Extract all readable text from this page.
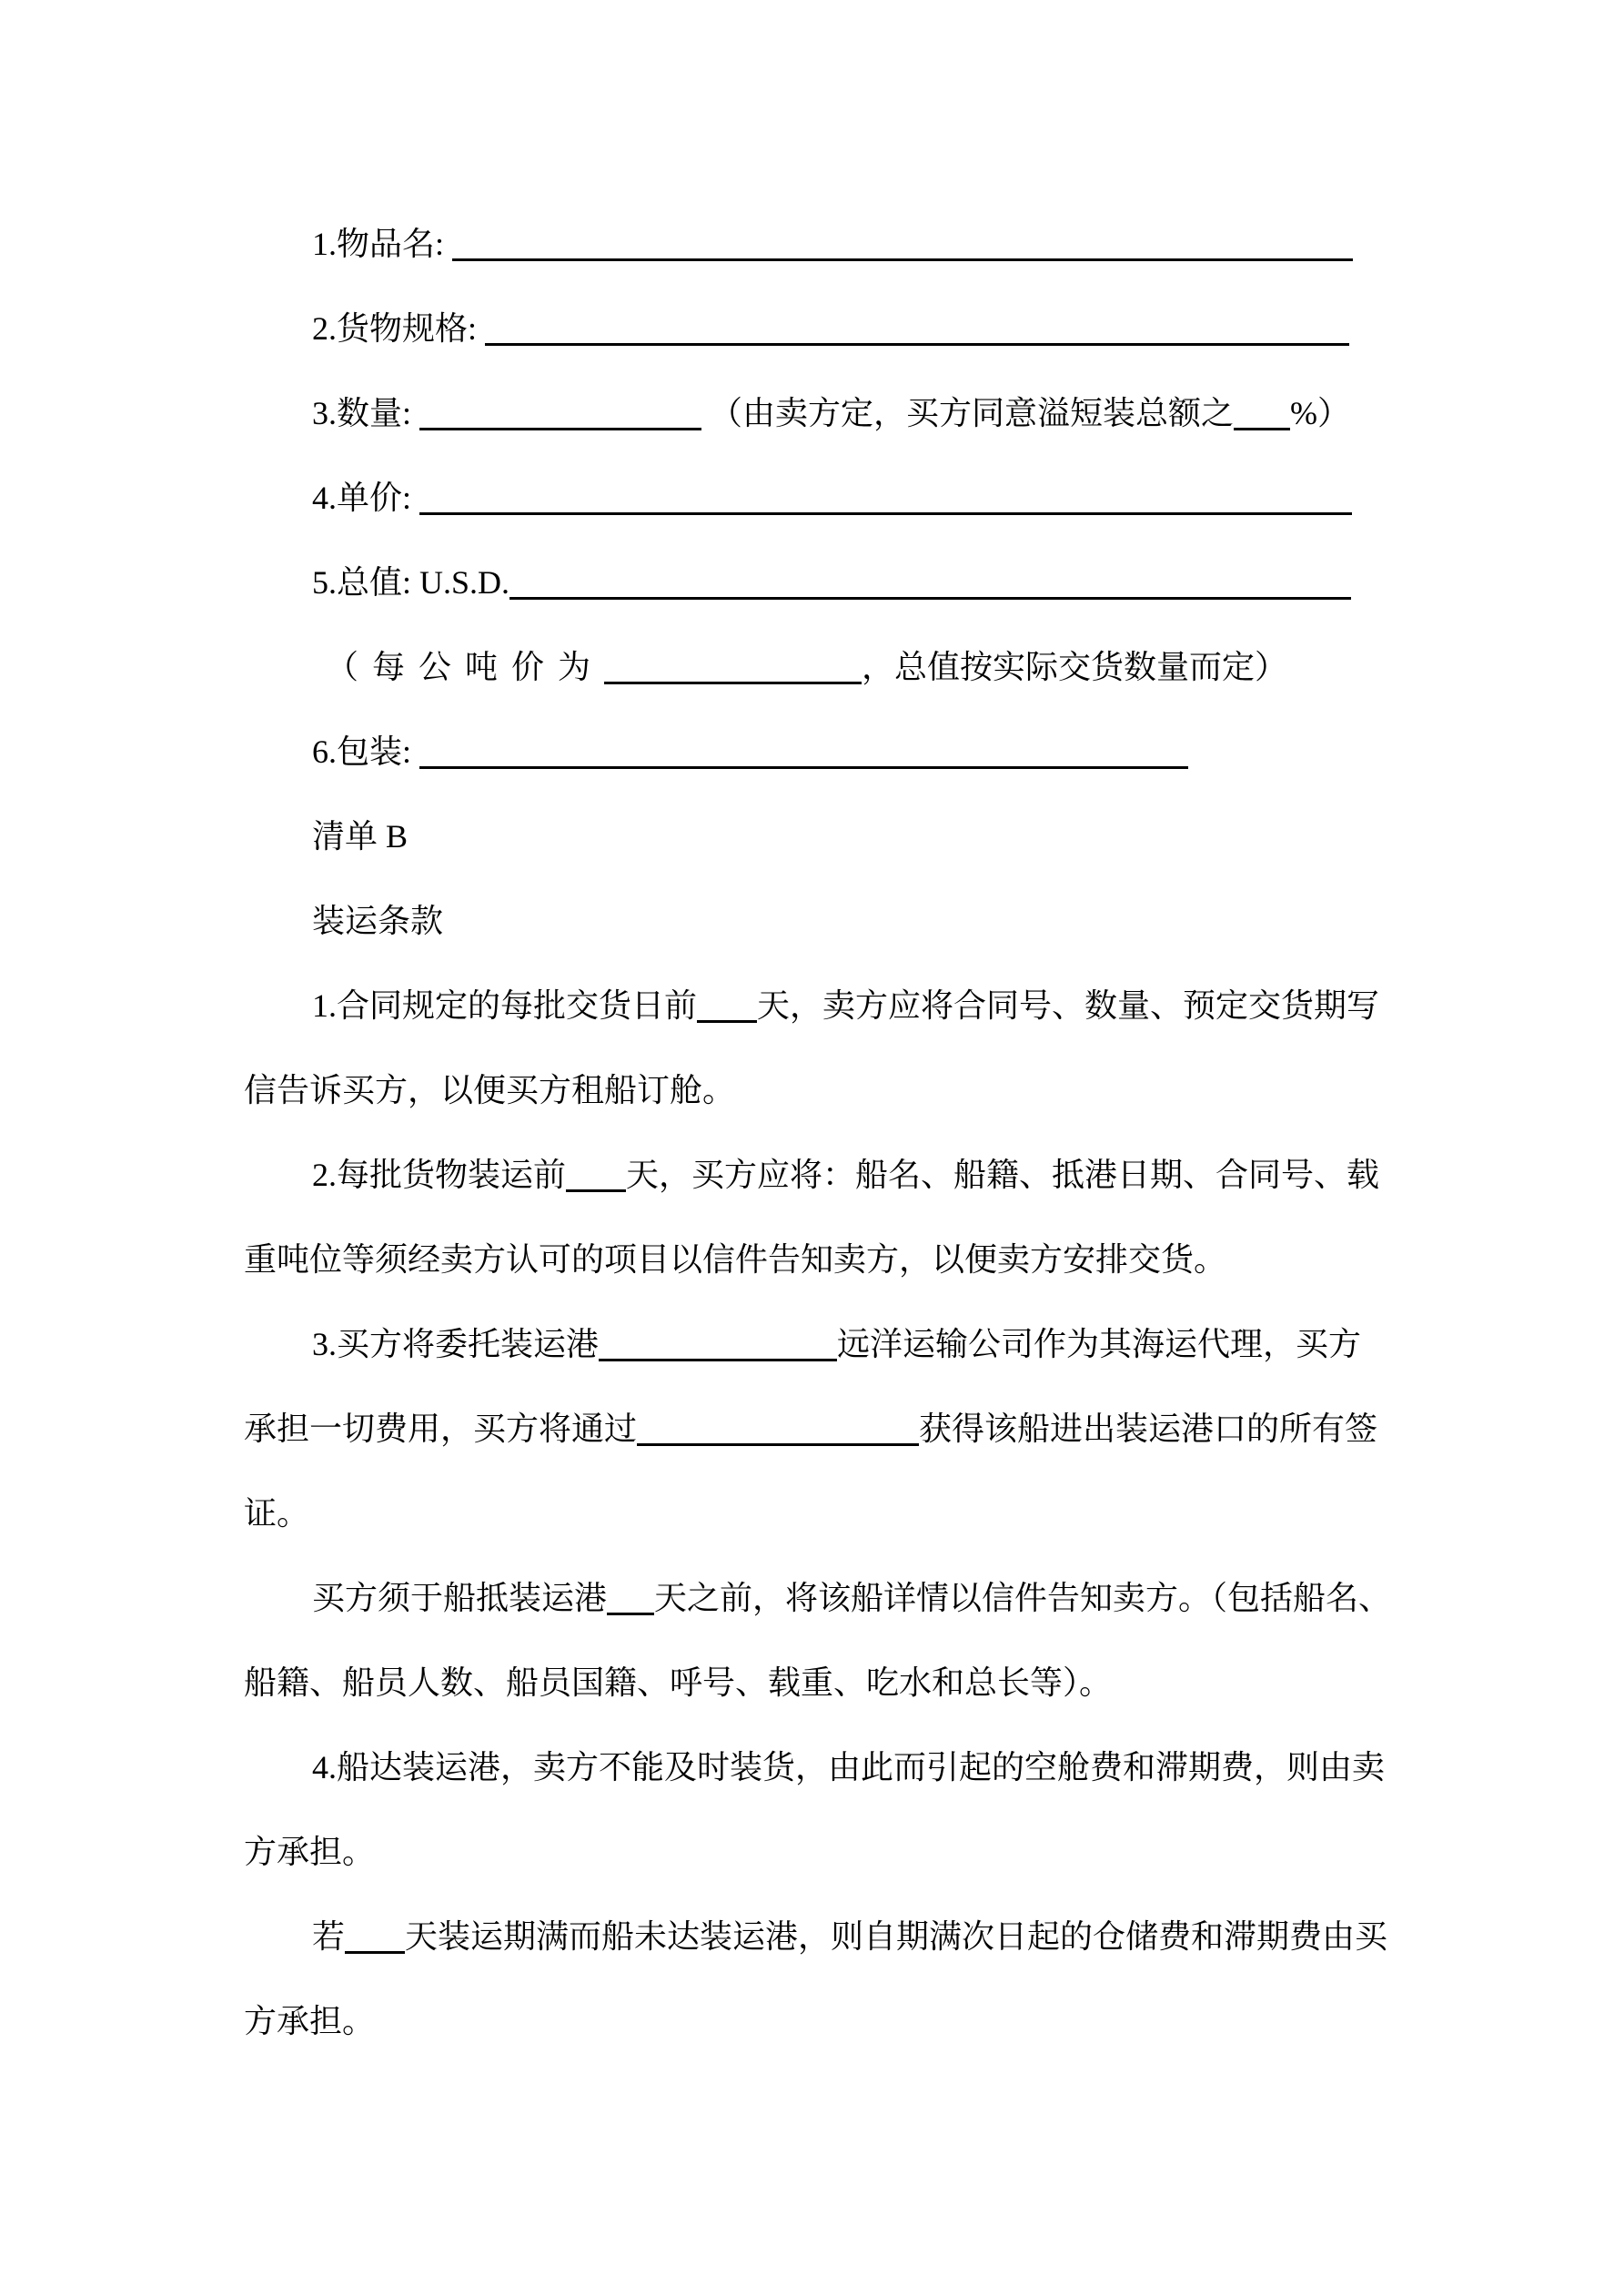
1.物品名:
2.货物规格:
3.数量:	（由卖方定，买方同意溢短装总额之 %）
4.单价:
5.总值: U.S.D.
（每公吨价为	，总值按实际交货数量而定）
6.包装:
清单 B
装运条款
1.合同规定的每批交货日前 天，卖方应将合同号、数量、预定交货期写
信告诉买方，以便买方租船订舱。
2.每批货物装运前 天，买方应将：船名、船籍、抵港日期、合同号、载
重吨位等须经卖方认可的项目以信件告知卖方，以便卖方安排交货。
3.买方将委托装运港	远洋运输公司作为其海运代理，买方
承担一切费用，买方将通过	获得该船进出装运港口的所有签
证。
买方须于船抵装运港 天之前，将该船详情以信件告知卖方。（包括船名、
船籍、船员人数、船员国籍、呼号、载重、吃水和总长等）。
4.船达装运港，卖方不能及时装货，由此而引起的空舱费和滞期费，则由卖
方承担。
若 天装运期满而船未达装运港，则自期满次日起的仓储费和滞期费由买
方承担。
